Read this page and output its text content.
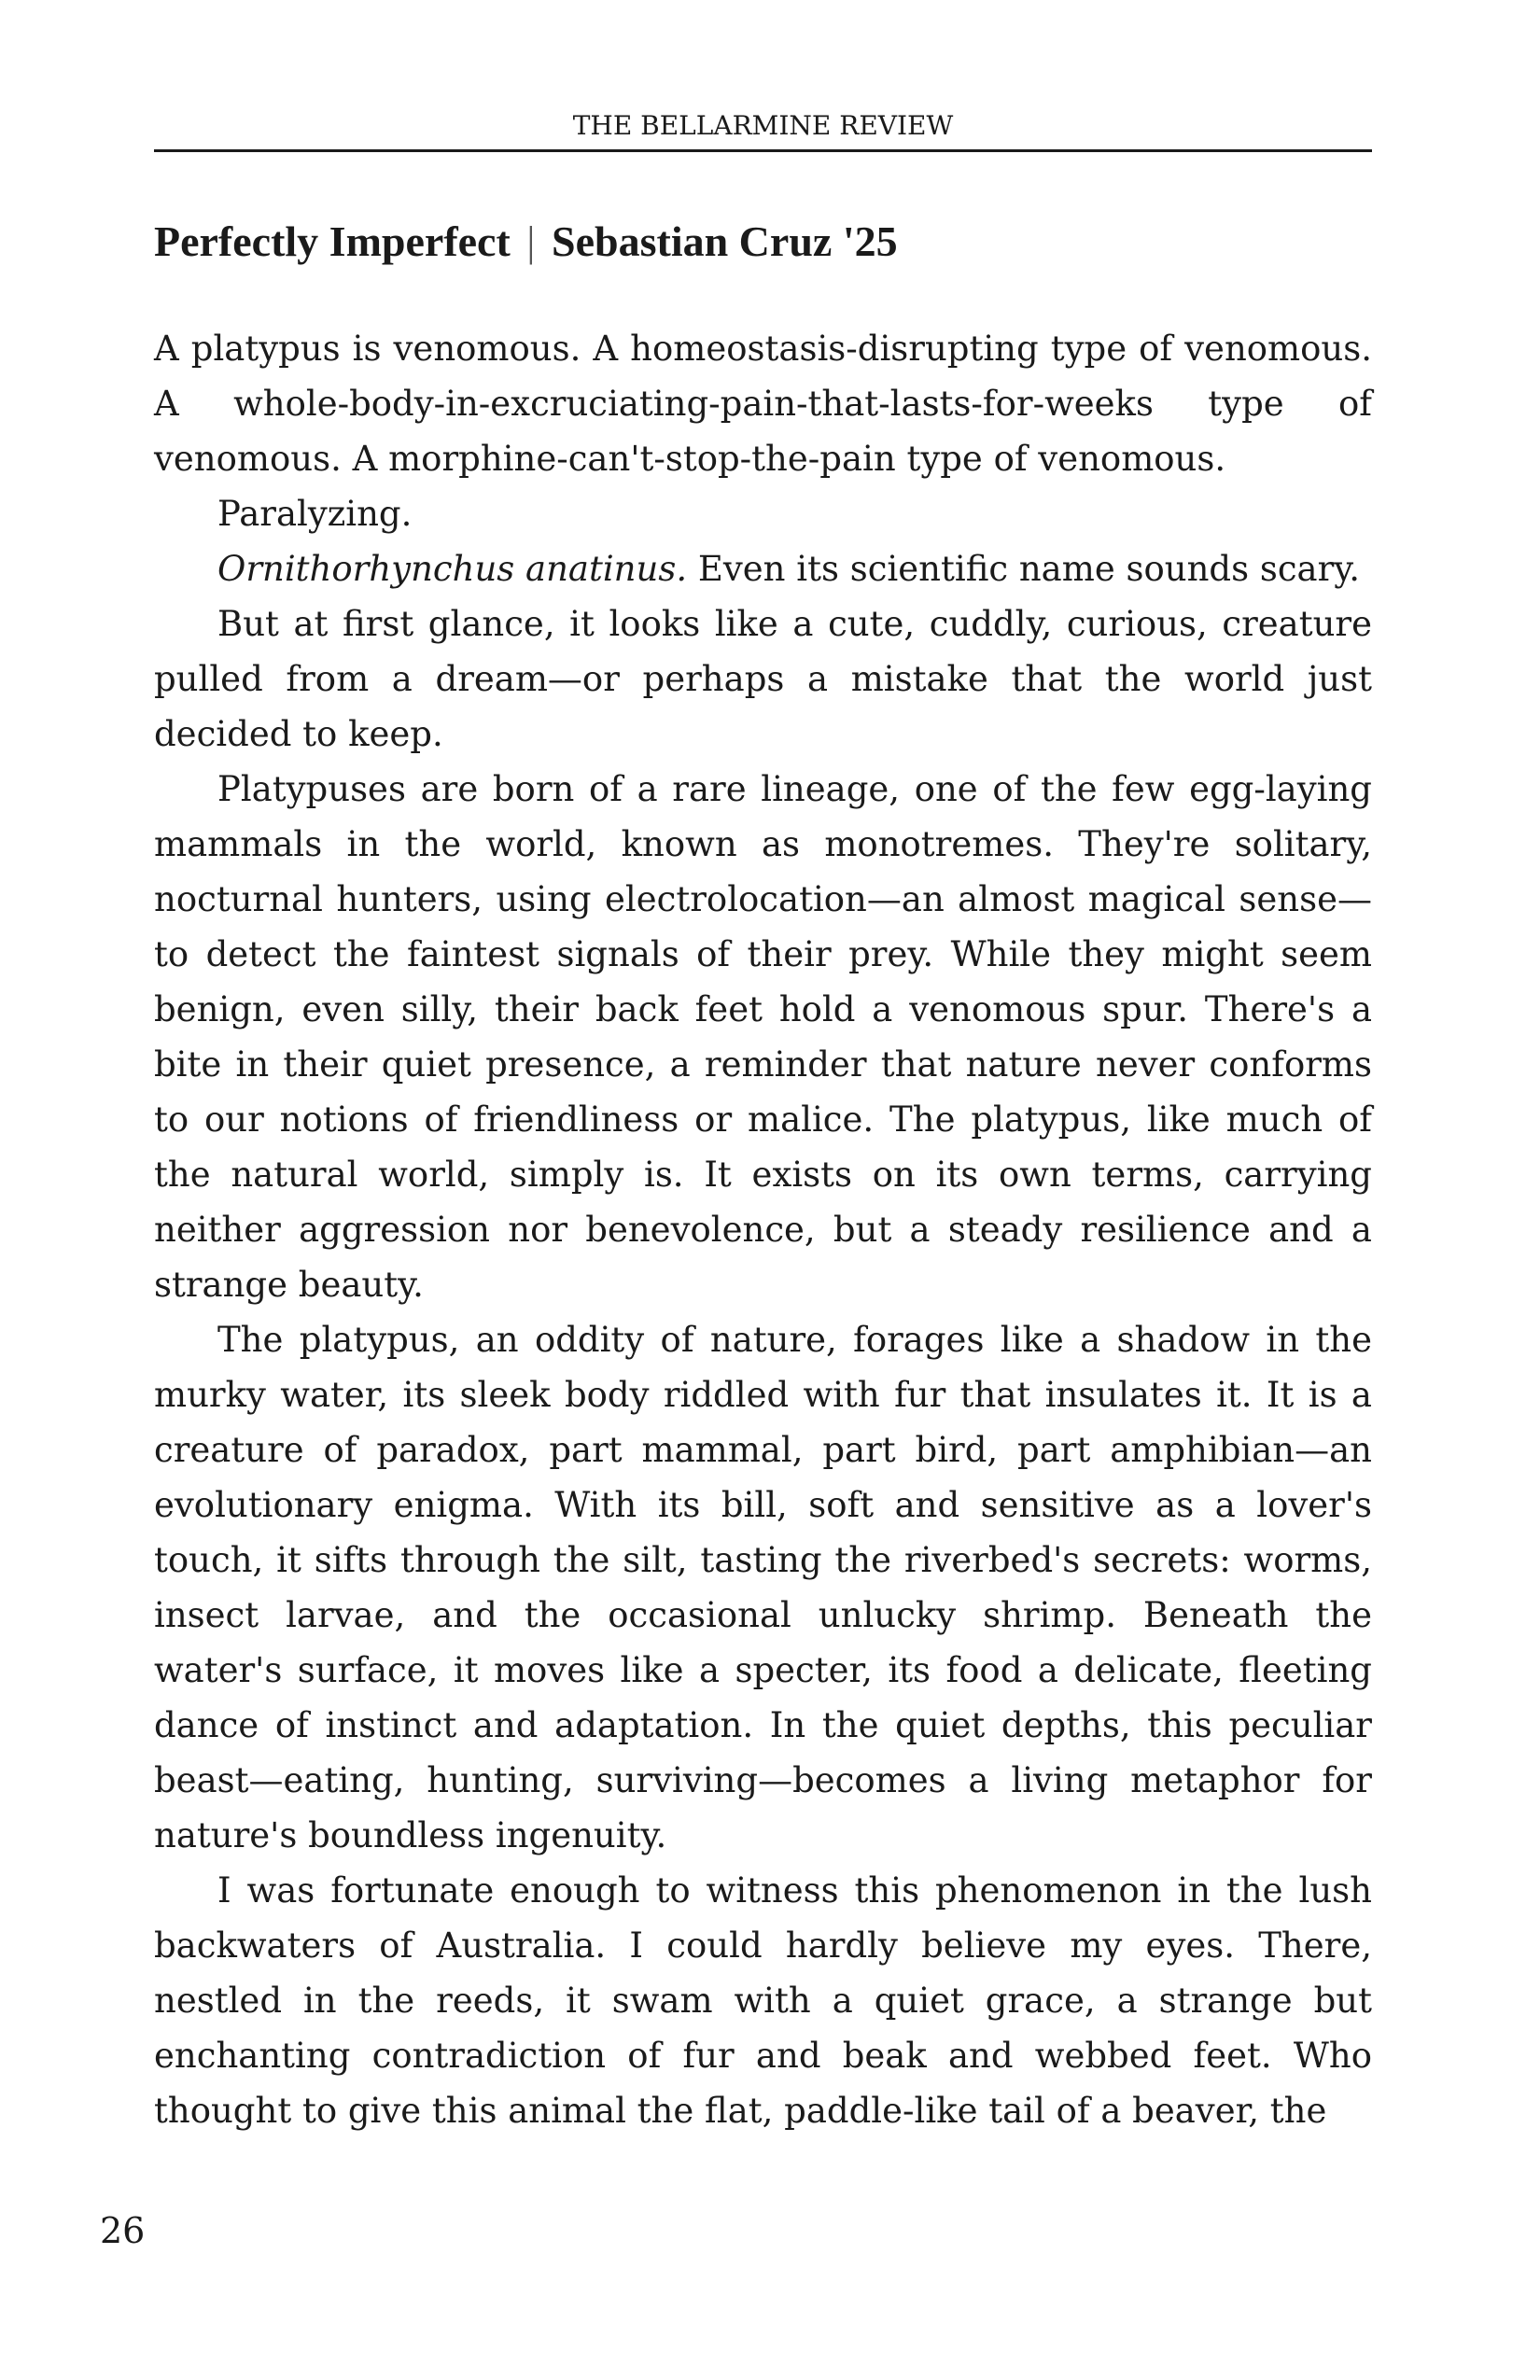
THE BELLARMINE REVIEW
Perfectly Imperfect | Sebastian Cruz '25

A platypus is venomous. A homeostasis-disrupting type of venomous. A whole-body-in-excruciating-pain-that-lasts-for-weeks type of venomous. A morphine-can't-stop-the-pain type of venomous.

Paralyzing.

Ornithorhynchus anatinus. Even its scientific name sounds scary.

But at first glance, it looks like a cute, cuddly, curious, creature pulled from a dream—or perhaps a mistake that the world just decided to keep.

Platypuses are born of a rare lineage, one of the few egg-laying mammals in the world, known as monotremes. They're solitary, nocturnal hunters, using electrolocation—an almost magical sense—to detect the faintest signals of their prey. While they might seem benign, even silly, their back feet hold a venomous spur. There's a bite in their quiet presence, a reminder that nature never conforms to our notions of friendliness or malice. The platypus, like much of the natural world, simply is. It exists on its own terms, carrying neither aggression nor benevolence, but a steady resilience and a strange beauty.

The platypus, an oddity of nature, forages like a shadow in the murky water, its sleek body riddled with fur that insulates it. It is a creature of paradox, part mammal, part bird, part amphibian—an evolutionary enigma. With its bill, soft and sensitive as a lover's touch, it sifts through the silt, tasting the riverbed's secrets: worms, insect larvae, and the occasional unlucky shrimp. Beneath the water's surface, it moves like a specter, its food a delicate, fleeting dance of instinct and adaptation. In the quiet depths, this peculiar beast—eating, hunting, surviving—becomes a living metaphor for nature's boundless ingenuity.

I was fortunate enough to witness this phenomenon in the lush backwaters of Australia. I could hardly believe my eyes. There, nestled in the reeds, it swam with a quiet grace, a strange but enchanting contradiction of fur and beak and webbed feet. Who thought to give this animal the flat, paddle-like tail of a beaver, the

26
